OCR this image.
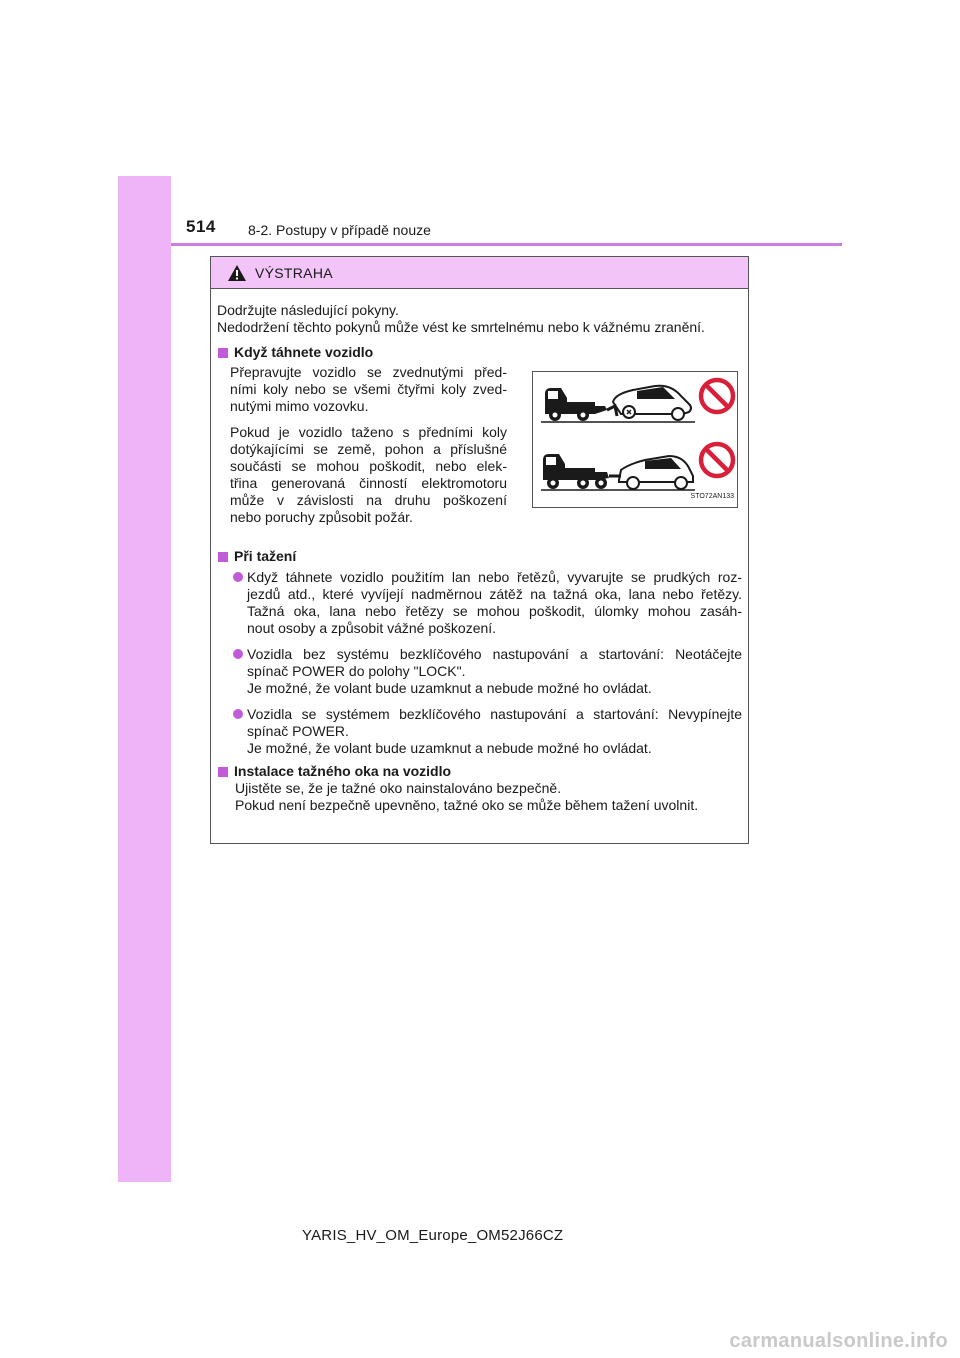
514 8-2. Postupy v případě nouze
VÝSTRAHA
Dodržujte následující pokyny.
Nedodržení těchto pokynů může vést ke smrtelnému nebo k vážnému zranění.
Když táhnete vozidlo
Přepravujte vozidlo se zvednutými před-
ními koly nebo se všemi čtyřmi koly zved-
nutými mimo vozovku.
Pokud je vozidlo taženo s předními koly
dotýkajícími se země, pohon a příslušné
součásti se mohou poškodit, nebo elek-
třina generovaná činností elektromotoru
může v závislosti na druhu poškození
nebo poruchy způsobit požár.
STO72AN133
Při tažení
Když táhnete vozidlo použitím lan nebo řetězů, vyvarujte se prudkých roz-
jezdů atd., které vyvíjejí nadměrnou zátěž na tažná oka, lana nebo řetězy.
Tažná oka, lana nebo řetězy se mohou poškodit, úlomky mohou zasáh-
nout osoby a způsobit vážné poškození.
Vozidla bez systému bezklíčového nastupování a startování: Neotáčejte
spínač POWER do polohy "LOCK".
Je možné, že volant bude uzamknut a nebude možné ho ovládat.
Vozidla se systémem bezklíčového nastupování a startování: Nevypínejte
spínač POWER.
Je možné, že volant bude uzamknut a nebude možné ho ovládat.
Instalace tažného oka na vozidlo
Ujistěte se, že je tažné oko nainstalováno bezpečně.
Pokud není bezpečně upevněno, tažné oko se může během tažení uvolnit.
YARIS_HV_OM_Europe_OM52J66CZ
carmanualsonline.info
